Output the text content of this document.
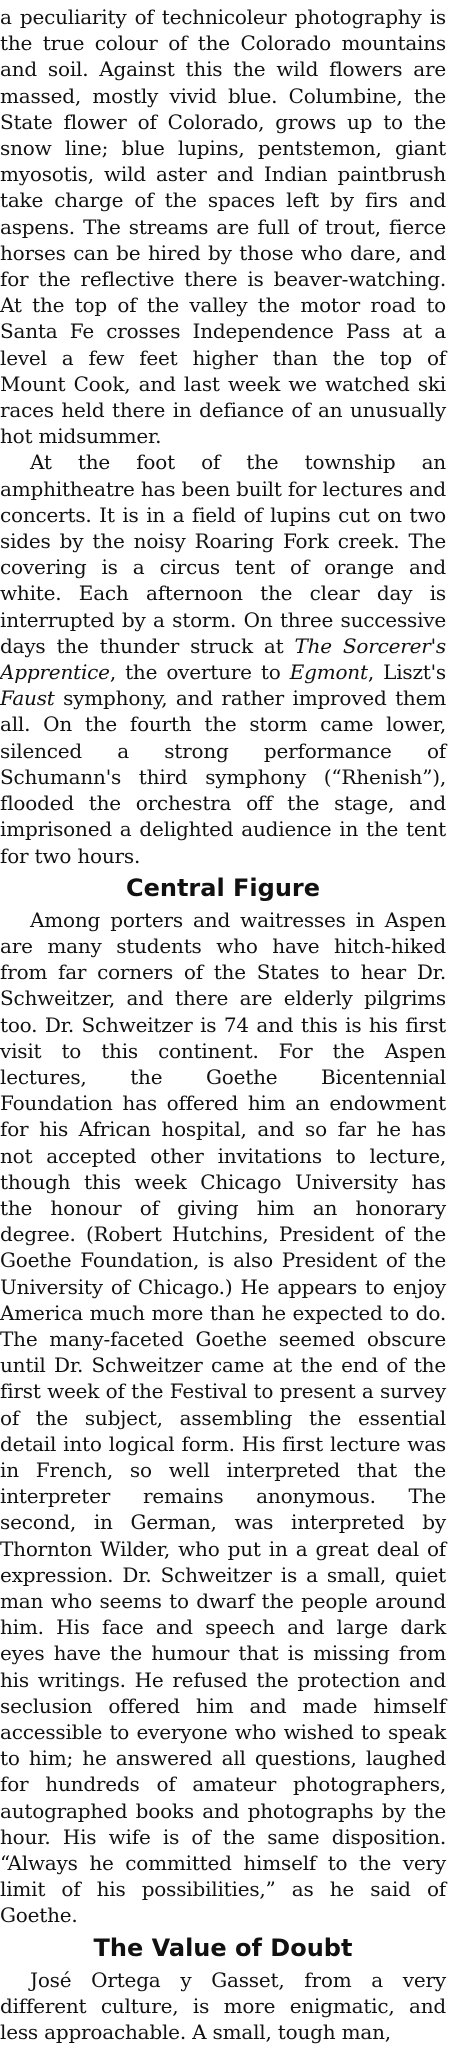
a peculiarity of technicoleur photography is the true colour of the Colorado mountains and soil. Against this the wild flowers are massed, mostly vivid blue. Columbine, the State flower of Colorado, grows up to the snow line; blue lupins, pentstemon, giant myosotis, wild aster and Indian paintbrush take charge of the spaces left by firs and aspens. The streams are full of trout, fierce horses can be hired by those who dare, and for the reflective there is beaver-watching. At the top of the valley the motor road to Santa Fe crosses Independence Pass at a level a few feet higher than the top of Mount Cook, and last week we watched ski races held there in defiance of an unusually hot midsummer.

At the foot of the township an amphitheatre has been built for lectures and concerts. It is in a field of lupins cut on two sides by the noisy Roaring Fork creek. The covering is a circus tent of orange and white. Each afternoon the clear day is interrupted by a storm. On three successive days the thunder struck at The Sorcerer's Apprentice, the overture to Egmont, Liszt's Faust symphony, and rather improved them all. On the fourth the storm came lower, silenced a strong performance of Schumann's third symphony (“Rhenish”), flooded the orchestra off the stage, and imprisoned a delighted audience in the tent for two hours.

Central Figure

Among porters and waitresses in Aspen are many students who have hitch-hiked from far corners of the States to hear Dr. Schweitzer, and there are elderly pilgrims too. Dr. Schweitzer is 74 and this is his first visit to this continent. For the Aspen lectures, the Goethe Bicentennial Foundation has offered him an endowment for his African hospital, and so far he has not accepted other invitations to lecture, though this week Chicago University has the honour of giving him an honorary degree. (Robert Hutchins, President of the Goethe Foundation, is also President of the University of Chicago.) He appears to enjoy America much more than he expected to do. The many-faceted Goethe seemed obscure until Dr. Schweitzer came at the end of the first week of the Festival to present a survey of the subject, assembling the essential detail into logical form. His first lecture was in French, so well interpreted that the interpreter remains anonymous. The second, in German, was interpreted by Thornton Wilder, who put in a great deal of expression. Dr. Schweitzer is a small, quiet man who seems to dwarf the people around him. His face and speech and large dark eyes have the humour that is missing from his writings. He refused the protection and seclusion offered him and made himself accessible to everyone who wished to speak to him; he answered all questions, laughed for hundreds of amateur photographers, autographed books and photographs by the hour. His wife is of the same disposition. “Always he committed himself to the very limit of his possibilities,” as he said of Goethe.

The Value of Doubt

José Ortega y Gasset, from a very different culture, is more enigmatic, and less approachable. A small, tough man,
